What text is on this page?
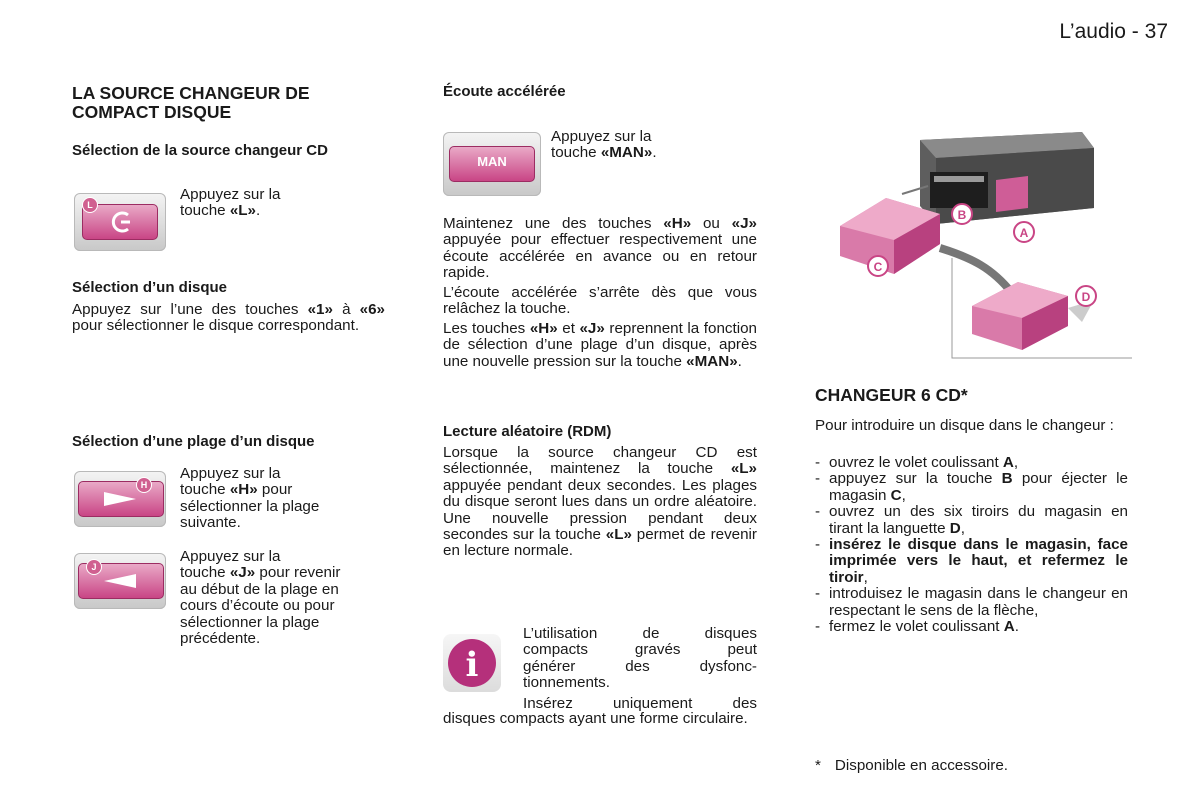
L’audio - 37
LA SOURCE CHANGEUR DE
COMPACT DISQUE
Sélection de la source changeur CD
L
Appuyez sur la
touche «L».
Sélection d’un disque
Appuyez sur l’une des touches «1» à «6» pour sélectionner le disque correspondant.
Sélection d’une plage d’un disque
H
Appuyez sur la
touche «H» pour
sélectionner la plage
suivante.
J
Appuyez sur la
touche «J» pour revenir
au début de la plage en
cours d’écoute ou pour
sélectionner la plage
précédente.
Écoute accélérée
MAN
Appuyez sur la
touche «MAN».
Maintenez une des touches «H» ou «J» appuyée pour effectuer respectivement une écoute accélérée en avance ou en retour rapide.
L’écoute accélérée s’arrête dès que vous relâchez la touche.
Les touches «H» et «J» reprennent la fonction de sélection d’une plage d’un disque, après une nouvelle pression sur la touche «MAN».
Lecture aléatoire (RDM)
Lorsque la source changeur CD est sélectionnée, maintenez la touche «L» appuyée pendant deux secondes. Les plages du disque seront lues dans un ordre aléatoire. Une nouvelle pression pendant deux secondes sur la touche «L» permet de revenir en lecture normale.
i
L’utilisation de disques
compacts gravés peut
générer des dysfonc-
tionnements.
Insérez uniquement des
disques compacts ayant une forme circulaire.
B
A
C
D
CHANGEUR 6 CD*
Pour introduire un disque dans le changeur :
- ouvrez le volet coulissant A,
- appuyez sur la touche B pour éjecter le magasin C,
- ouvrez un des six tiroirs du magasin en tirant la languette D,
- insérez le disque dans le magasin, face imprimée vers le haut, et refermez le tiroir,
- introduisez le magasin dans le changeur en respectant le sens de la flèche,
- fermez le volet coulissant A.
* Disponible en accessoire.
